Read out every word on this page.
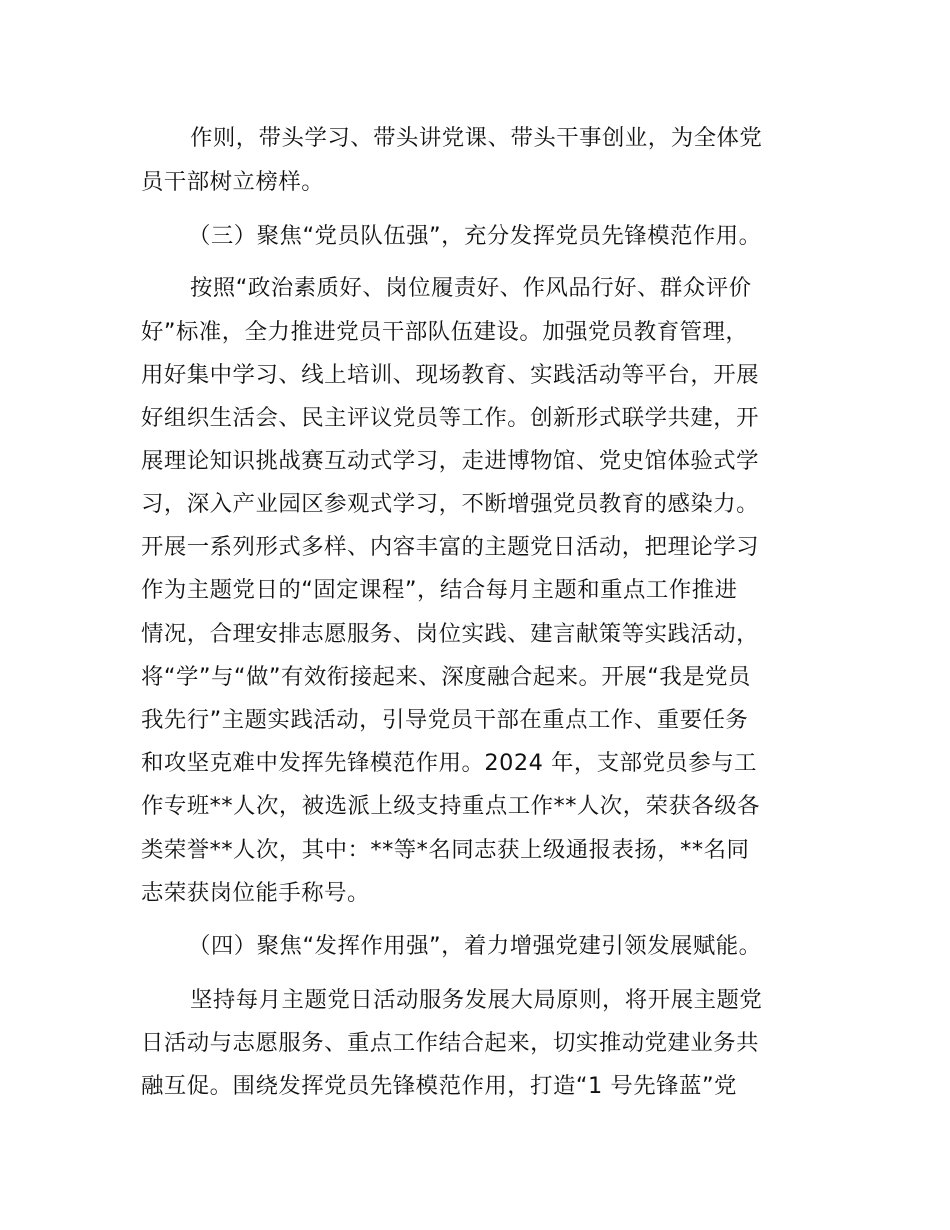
作则，带头学习、带头讲党课、带头干事创业，为全体党
员干部树立榜样。
（三）聚焦“党员队伍强”，充分发挥党员先锋模范作用。
按照“政治素质好、岗位履责好、作风品行好、群众评价
好”标准，全力推进党员干部队伍建设。加强党员教育管理，
用好集中学习、线上培训、现场教育、实践活动等平台，开展
好组织生活会、民主评议党员等工作。创新形式联学共建，开
展理论知识挑战赛互动式学习，走进博物馆、党史馆体验式学
习，深入产业园区参观式学习，不断增强党员教育的感染力。
开展一系列形式多样、内容丰富的主题党日活动，把理论学习
作为主题党日的“固定课程”，结合每月主题和重点工作推进
情况，合理安排志愿服务、岗位实践、建言献策等实践活动，
将“学”与“做”有效衔接起来、深度融合起来。开展“我是党员
我先行”主题实践活动，引导党员干部在重点工作、重要任务
和攻坚克难中发挥先锋模范作用。2024 年，支部党员参与工
作专班**人次，被选派上级支持重点工作**人次，荣获各级各
类荣誉**人次，其中：**等*名同志获上级通报表扬，**名同
志荣获岗位能手称号。
（四）聚焦“发挥作用强”，着力增强党建引领发展赋能。
坚持每月主题党日活动服务发展大局原则，将开展主题党
日活动与志愿服务、重点工作结合起来，切实推动党建业务共
融互促。围绕发挥党员先锋模范作用，打造“1 号先锋蓝”党
